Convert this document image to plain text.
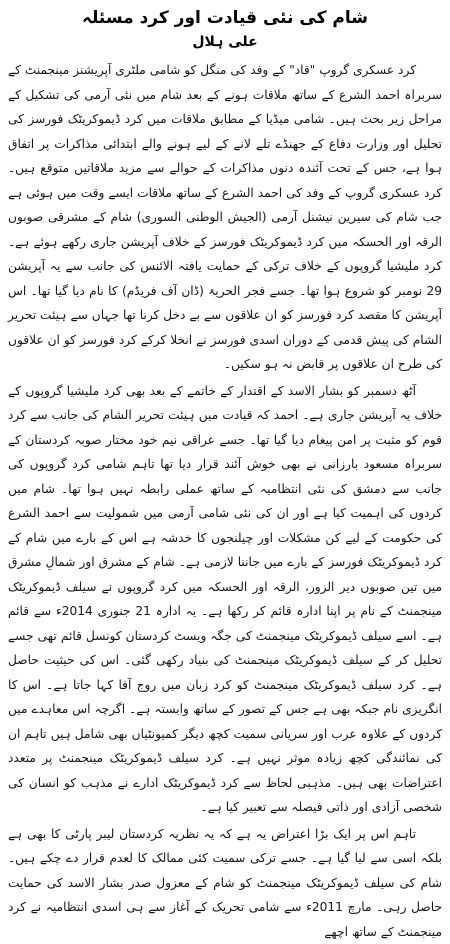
شام کی نئی قیادت اور کرد مسئلہ
علی ہلال

کرد عسکری گروپ "قاد" کے وفد کی منگل کو شامی ملٹری آپریشنز مینجمنٹ کے سربراہ احمد الشرع کے ساتھ ملاقات ہونے کے بعد شام میں نئی آرمی کی تشکیل کے مراحل زیر بحث ہیں۔ شامی میڈیا کے مطابق ملاقات میں کرد ڈیموکریٹک فورسز کی تحلیل اور وزارت دفاع کے جھنڈے تلے لانے کے لیے ہونے والے ابتدائی مذاکرات پر اتفاق ہوا ہے، جس کے تحت آئندہ دنوں مذاکرات کے حوالے سے مزید ملاقاتیں متوقع ہیں۔ کرد عسکری گروپ کے وفد کی احمد الشرع کے ساتھ ملاقات ایسے وقت میں ہوئی ہے جب شام کی سیرین نیشنل آرمی (الجیش الوطنی السوری) شام کے مشرقی صوبوں الرقہ اور الحسکہ میں کرد ڈیموکریٹک فورسز کے خلاف آپریشن جاری رکھے ہوئے ہے۔ کرد ملیشیا گروپوں کے خلاف ترکی کے حمایت یافتہ الائنس کی جانب سے یہ آپریشن 29 نومبر کو شروع ہوا تھا۔ جسے فجر الحریۃ (ڈان آف فریڈم) کا نام دیا گیا تھا۔ اس آپریشن کا مقصد کرد فورسز کو ان علاقوں سے بے دخل کرنا تھا جہاں سے ہیئت تحریر الشام کی پیش قدمی کے دوران اسدی فورسز نے انخلا کرکے کرد فورسز کو ان علاقوں کی طرح ان علاقوں پر قابض نہ ہو سکیں۔

آٹھ دسمبر کو بشار الاسد کے اقتدار کے خاتمے کے بعد بھی کرد ملیشیا گروپوں کے خلاف یہ آپریشن جاری ہے۔ احمد کہ قیادت میں ہیئت تحریر الشام کی جانب سے کرد قوم کو مثبت پر امن پیغام دیا گیا تھا۔ جسے عراقی نیم خود مختار صوبہ کردستان کے سربراہ مسعود بارزانی نے بھی خوش آئند قرار دیا تھا تاہم شامی کرد گروپوں کی جانب سے دمشق کی نئی انتظامیہ کے ساتھ عملی رابطہ نہیں ہوا تھا۔ شام میں کردوں کی اہمیت کیا ہے اور ان کی نئی شامی آرمی میں شمولیت سے احمد الشرع کی حکومت کے لیے کن مشکلات اور چیلنجوں کا خدشہ ہے اس کے بارے میں شام کے کرد ڈیموکریٹک فورسز کے بارے میں جاننا لازمی ہے۔ شام کے مشرق اور شمالِ مشرق میں تین صوبوں دیر الزور، الرقہ اور الحسکہ میں کرد گروپوں نے سیلف ڈیموکریٹک مینجمنٹ کے نام پر اپنا ادارہ قائم کر رکھا ہے۔ یہ ادارہ 21 جنوری 2014ء سے قائم ہے۔ اسے سیلف ڈیموکریٹک مینجمنٹ کی جگہ ویسٹ کردستان کونسل قائم تھی جسے تحلیل کر کے سیلف ڈیموکریٹک مینجمنٹ کی بنیاد رکھی گئی۔ اس کی حیثیت حاصل ہے۔ کرد سیلف ڈیموکریٹک مینجمنٹ کو کرد زبان میں روج آفا کہا جاتا ہے۔ اس کا انگریزی نام جبکہ بھی ہے جس کے تصور کے ساتھ وابستہ ہے۔ اگرچہ اس معاہدے میں کردوں کے علاوہ عرب اور سریانی سمیت کچھ دیگر کمیونٹیاں بھی شامل ہیں تاہم ان کی نمائندگی کچھ زیادہ موثر نہیں ہے۔ کرد سیلف ڈیموکریٹک مینجمنٹ پر متعدد اعتراضات بھی ہیں۔ مذہبی لحاظ سے کرد ڈیموکریٹک ادارے نے مذہب کو انسان کی شخصی آزادی اور ذاتی فیصلہ سے تعبیر کیا ہے۔

تاہم اس پر ایک بڑا اعتراض یہ ہے کہ یہ نظریہ کردستان لیبر پارٹی کا بھی ہے بلکہ اسی سے لیا گیا ہے۔ جسے ترکی سمیت کئی ممالک کا لعدم قرار دے چکے ہیں۔ شام کی سیلف ڈیموکریٹک مینجمنٹ کو شام کے معزول صدر بشار الاسد کی حمایت حاصل رہی۔ مارچ 2011ء سے شامی تحریک کے آغاز سے ہی اسدی انتظامیہ نے کرد مینجمنٹ کے ساتھ اچھے
